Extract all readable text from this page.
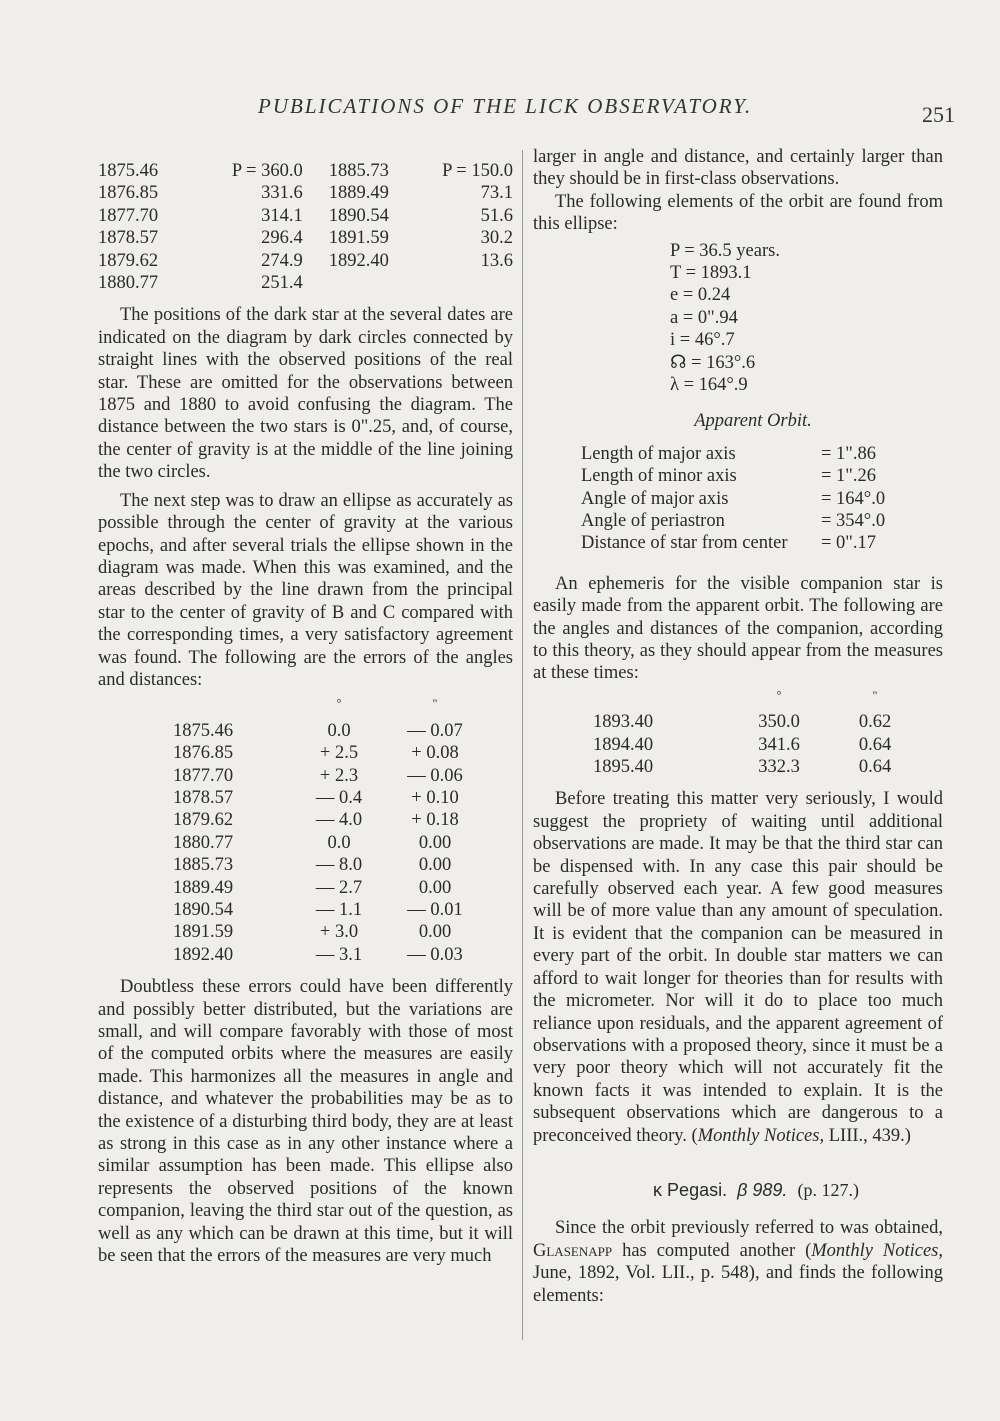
PUBLICATIONS OF THE LICK OBSERVATORY.	251
1875.46	P = 360.0	1885.73	P = 150.0
1876.85	331.6	1889.49	73.1
1877.70	314.1	1890.54	51.6
1878.57	296.4	1891.59	30.2
1879.62	274.9	1892.40	13.6
1880.77	251.4		

The positions of the dark star at the several dates are indicated on the diagram by dark circles connected by straight lines with the observed positions of the real star. These are omitted for the observations between 1875 and 1880 to avoid confusing the diagram. The distance between the two stars is 0".25, and, of course, the center of gravity is at the middle of the line joining the two circles.

The next step was to draw an ellipse as accurately as possible through the center of gravity at the various epochs, and after several trials the ellipse shown in the diagram was made. When this was examined, and the areas described by the line drawn from the principal star to the center of gravity of B and C compared with the corresponding times, a very satisfactory agreement was found. The following are the errors of the angles and distances:

	°	"
1875.46	0.0	— 0.07
1876.85	+ 2.5	+ 0.08
1877.70	+ 2.3	— 0.06
1878.57	— 0.4	+ 0.10
1879.62	— 4.0	+ 0.18
1880.77	0.0	0.00
1885.73	— 8.0	0.00
1889.49	— 2.7	0.00
1890.54	— 1.1	— 0.01
1891.59	+ 3.0	0.00
1892.40	— 3.1	— 0.03

Doubtless these errors could have been differently and possibly better distributed, but the variations are small, and will compare favorably with those of most of the computed orbits where the measures are easily made. This harmonizes all the measures in angle and distance, and whatever the probabilities may be as to the existence of a disturbing third body, they are at least as strong in this case as in any other instance where a similar assumption has been made. This ellipse also represents the observed positions of the known companion, leaving the third star out of the question, as well as any which can be drawn at this time, but it will be seen that the errors of the measures are very much

larger in angle and distance, and certainly larger than they should be in first-class observations.

The following elements of the orbit are found from this ellipse:

P = 36.5 years.
T = 1893.1
e = 0.24
a = 0".94
i = 46°.7
☊ = 163°.6
λ = 164°.9
Apparent Orbit.
Length of major axis	= 1".86
Length of minor axis	= 1".26
Angle of major axis	= 164°.0
Angle of periastron	= 354°.0
Distance of star from center	= 0".17

An ephemeris for the visible companion star is easily made from the apparent orbit. The following are the angles and distances of the companion, according to this theory, as they should appear from the measures at these times:

	°	"
1893.40	350.0	0.62
1894.40	341.6	0.64
1895.40	332.3	0.64

Before treating this matter very seriously, I would suggest the propriety of waiting until additional observations are made. It may be that the third star can be dispensed with. In any case this pair should be carefully observed each year. A few good measures will be of more value than any amount of speculation. It is evident that the companion can be measured in every part of the orbit. In double star matters we can afford to wait longer for theories than for results with the micrometer. Nor will it do to place too much reliance upon residuals, and the apparent agreement of observations with a proposed theory, since it must be a very poor theory which will not accurately fit the known facts it was intended to explain. It is the subsequent observations which are dangerous to a preconceived theory. (Monthly Notices, LIII., 439.)

κ Pegasi. β 989. (p. 127.)

Since the orbit previously referred to was obtained, Glasenapp has computed another (Monthly Notices, June, 1892, Vol. LII., p. 548), and finds the following elements:
